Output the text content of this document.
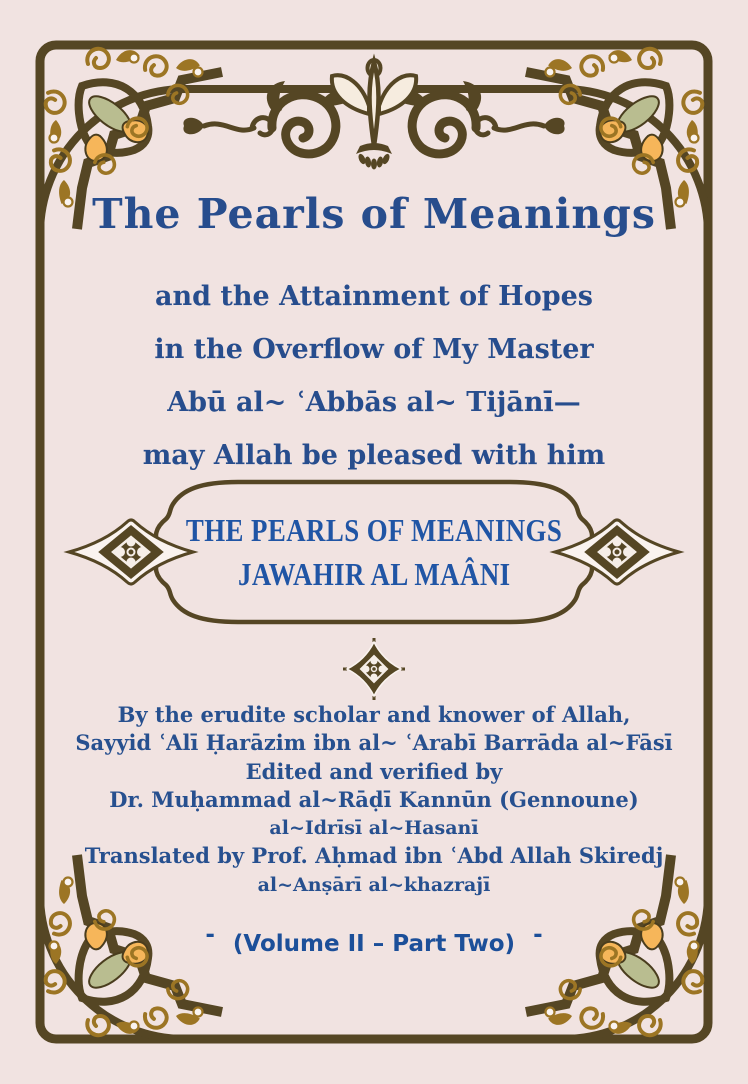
The Pearls of Meanings
and the Attainment of Hopes
in the Overflow of My Master
Abū al~ ʿAbbās al~ Tijānī—
may Allah be pleased with him
THE PEARLS OF MEANINGS
JAWAHIR AL MAÂNI
By the erudite scholar and knower of Allah,
Sayyid ʿAlī Ḥarāzim ibn al~ ʿArabī Barrāda al~Fāsī
Edited and verified by
Dr. Muḥammad al~Rāḍī Kannūn (Gennoune)
al~Idrīsī al~Hasanī
Translated by Prof. Aḥmad ibn ʿAbd Allah Skiredj
al~Anṣārī al~khazrajī
- (Volume II – Part Two) -
